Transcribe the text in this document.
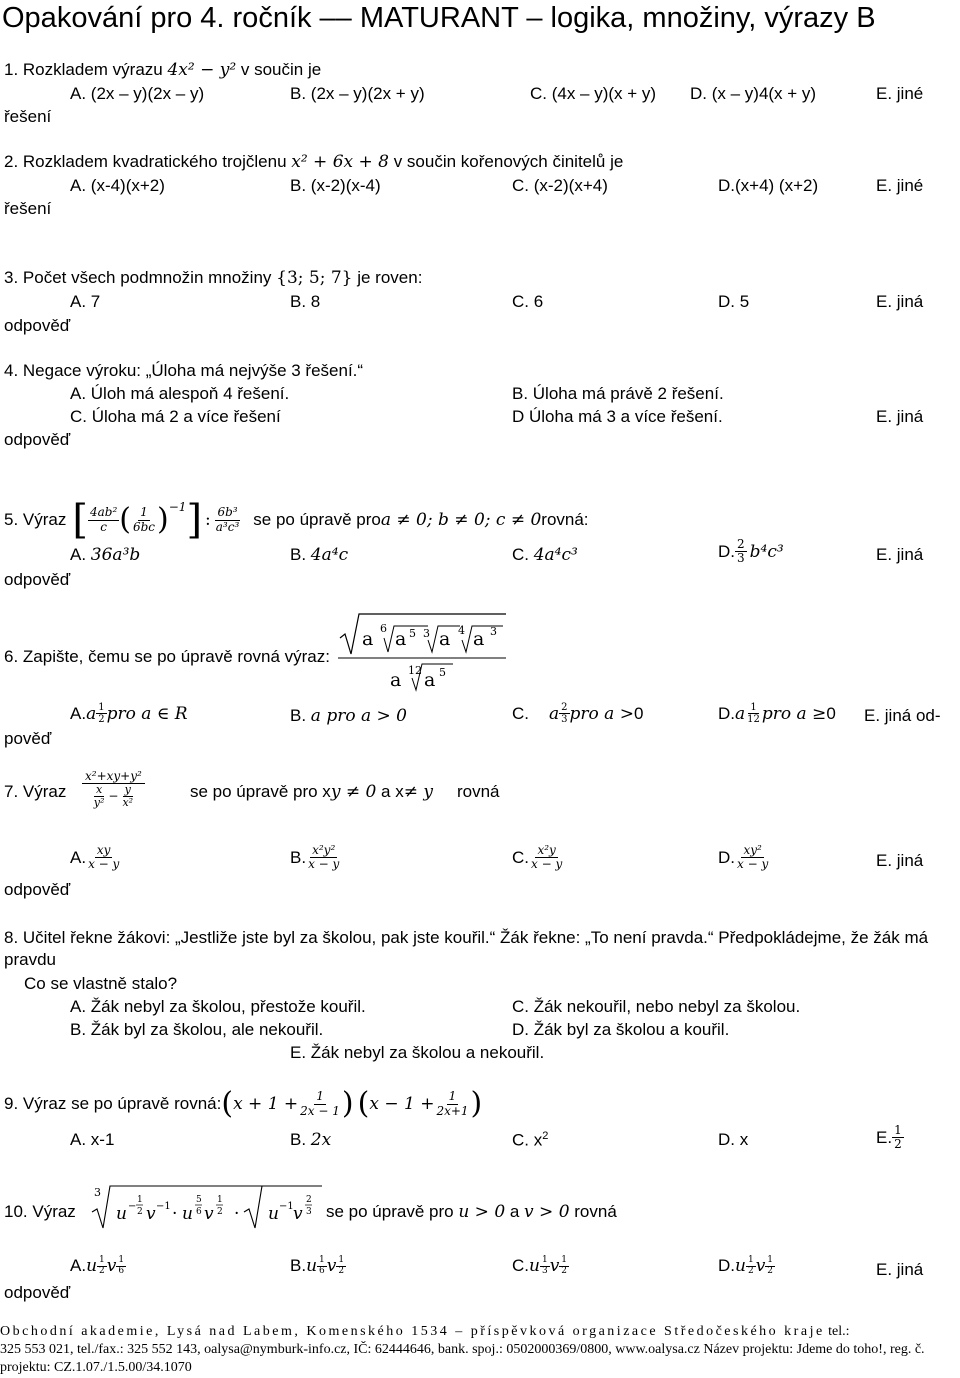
Opakování pro 4. ročník –– MATURANT – logika, množiny, výrazy B
1. Rozkladem výrazu 4x² − y² v součin je
A. (2x – y)(2x – y)	B. (2x – y)(2x + y)	C. (4x – y)(x + y) D. (x – y)4(x + y)	E. jiné
řešení
2. Rozkladem kvadratického trojčlenu x² + 6x + 8 v součin kořenových činitelů je
A. (x-4)(x+2)	B. (x-2)(x-4)	C. (x-2)(x+4)	D.(x+4) (x+2)	E. jiné
řešení
3. Počet všech podmnožin množiny {3; 5; 7} je roven:
A. 7	B. 8	C. 6	D. 5	E. jiná
odpověď
4. Negace výroku: „Úloha má nejvýše 3 řešení.“
A. Úloh má alespoň 4 řešení.	B. Úloha má právě 2 řešení.
C. Úloha má 2 a více řešení	D Úloha má 3 a více řešení.	E. jiná
odpověď
5. Výraz [ $\frac{\text{4ab²}}{c}$ ( $\frac{1}{6bc}$ ) −1 ] : $\frac{\text{6b³}}{\text{a³c³}}$ se po úpravě pro a ≠ 0; b ≠ 0; c ≠ 0 rovná:
A. 36a³b	B. 4a⁴c	C. 4a⁴c³	D. $\frac{2}{3} b^4c^3$	E. jiná
odpověď
6. Zapište, čemu se po úpravě rovná výraz:
a 6 a 5 3 a 4 a 3
a 12 a 5
A. a $\frac{1}{2}$ pro a ∈ R	B. a pro a > 0	C. a $\frac{2}{3}$ pro a > 0	D. a $\frac{1}{12}$ pro a ≥ 0 E. jiná od-
pověď
7. Výraz
x²+xy+y²
$\frac{x}{\text{y²}} - \frac{y}{\text{x²}}$	se po úpravě pro xy ≠ 0 a x≠ y rovná
A. $\frac{xy}{x - y}$	B. $\frac{\text{x²y²}}{x - y}$	C. $\frac{\text{x²y}}{x - y}$	D. $\frac{\text{xy²}}{x - y}$	E. jiná
odpověď
8. Učitel řekne žákovi: „Jestliže jste byl za školou, pak jste kouřil.“ Žák řekne: „To není pravda.“ Předpokládejme, že žák má
pravdu
Co se vlastně stalo?
A. Žák nebyl za školou, přestože kouřil.	C. Žák nekouřil, nebo nebyl za školou.
B. Žák byl za školou, ale nekouřil.	D. Žák byl za školou a kouřil.
E. Žák nebyl za školou a nekouřil.
9. Výraz se po úpravě rovná: ( $x + 1 + \frac{1}{2x - 1}$ ) ( $x - 1 + \frac{1}{2x+1}$ )
A. x-1	B. 2x	C. $x^2$	D. x	E. $\frac{1}{2}$
10. Výraz
3
u −
1
2 v −1 · u
5
6 v
1
2 · u −1 v
2
3 se po úpravě pro u > 0 a v > 0 rovná
A. u $\frac{1}{2}$ v $\frac{1}{6}$	B. u $\frac{1}{6}$ v $\frac{1}{2}$	C. u $\frac{1}{3}$ v $\frac{1}{2}$	D. u $\frac{1}{2}$ v $\frac{1}{2}$	E. jiná
odpověď
Obchodní akademie, Lysá nad Labem, Komenského 1534 – příspěvková organizace Středočeského kraje tel.:
325 553 021, tel./fax.: 325 552 143, oalysa@nymburk-info.cz, IČ: 62444646, bank. spoj.: 0502000369/0800, www.oalysa.cz Název projektu: Jdeme do toho!, reg. č. projektu: CZ.1.07./1.5.00/34.1070
